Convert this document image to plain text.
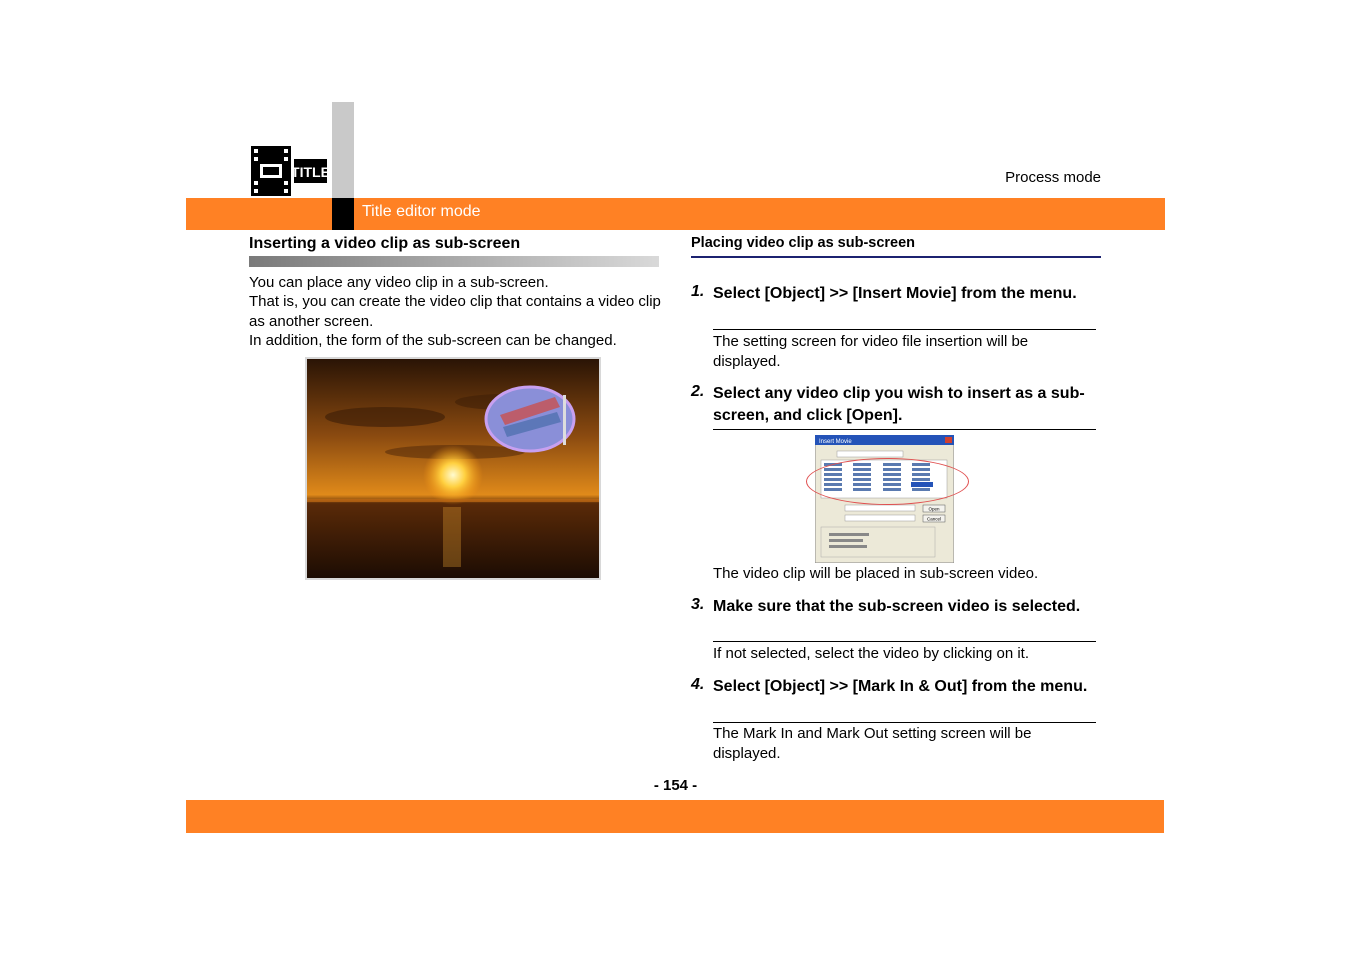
TITLE	Process mode
Title editor mode
Inserting a video clip as sub-screen

You can place any video clip in a sub-screen.

That is, you can create the video clip that contains a video clip as another screen.

In addition, the form of the sub-screen can be changed.

Placing video clip as sub-screen
1. Select [Object] >> [Insert Movie] from the menu.
The setting screen for video file insertion will be displayed.
2. Select any video clip you wish to insert as a sub-screen, and click [Open].
The video clip will be placed in sub-screen video.
Insert Movie
Open
Cancel
3. Make sure that the sub-screen video is selected.
If not selected, select the video by clicking on it.
4. Select [Object] >> [Mark In & Out] from the menu.
The Mark In and Mark Out setting screen will be displayed.
- 154 -
